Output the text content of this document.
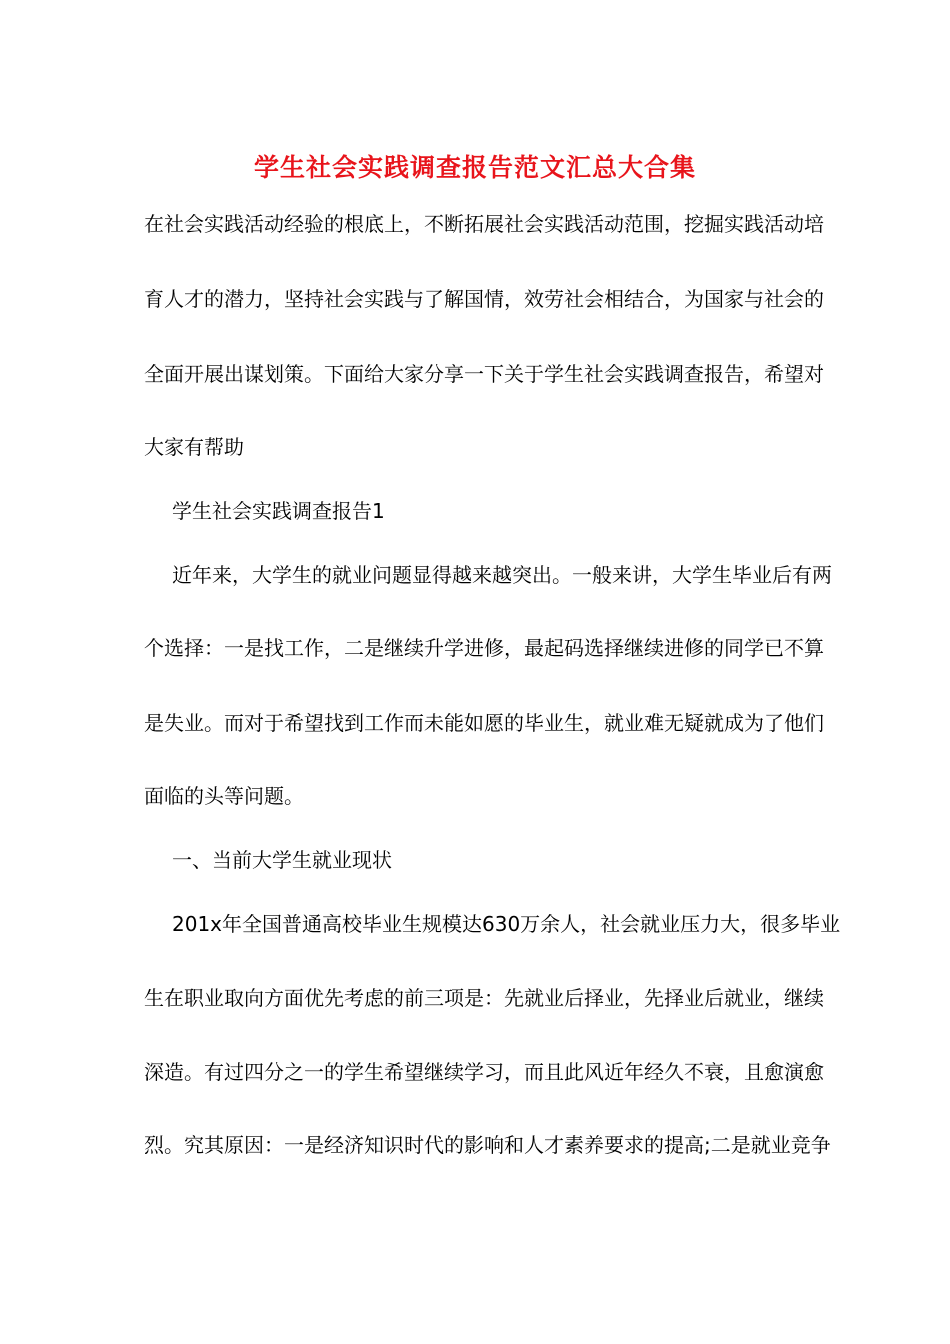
学生社会实践调查报告范文汇总大合集
在社会实践活动经验的根底上，不断拓展社会实践活动范围，挖掘实践活动培
育人才的潜力，坚持社会实践与了解国情，效劳社会相结合，为国家与社会的
全面开展出谋划策。下面给大家分享一下关于学生社会实践调查报告，希望对
大家有帮助
学生社会实践调查报告1
近年来，大学生的就业问题显得越来越突出。一般来讲，大学生毕业后有两
个选择：一是找工作，二是继续升学进修，最起码选择继续进修的同学已不算
是失业。而对于希望找到工作而未能如愿的毕业生，就业难无疑就成为了他们
面临的头等问题。
一、当前大学生就业现状
201x年全国普通高校毕业生规模达630万余人，社会就业压力大，很多毕业
生在职业取向方面优先考虑的前三项是：先就业后择业，先择业后就业，继续
深造。有过四分之一的学生希望继续学习，而且此风近年经久不衰，且愈演愈
烈。究其原因：一是经济知识时代的影响和人才素养要求的提高;二是就业竞争
